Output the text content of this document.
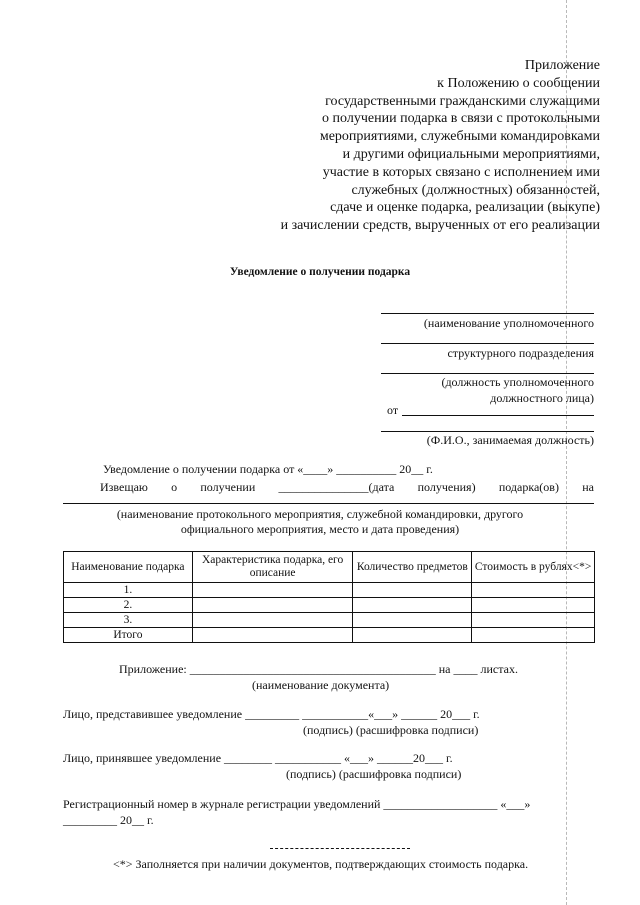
Приложение
к Положению о сообщении
государственными гражданскими служащими
о получении подарка в связи с протокольными
мероприятиями, служебными командировками
и другими официальными мероприятиями,
участие в которых связано с исполнением ими
служебных (должностных) обязанностей,
сдаче и оценке подарка, реализации (выкупе)
и зачислении средств, вырученных от его реализации
Уведомление о получении подарка
(наименование уполномоченного
структурного подразделения
(должность уполномоченного
должностного лица)
от
(Ф.И.О., занимаемая должность)
Уведомление о получении подарка от «____» __________ 20__ г.
Извещаю о получении _______________(дата получения) подарка(ов) на
(наименование протокольного мероприятия, служебной командировки, другого
официального мероприятия, место и дата проведения)
Наименование подарка	Характеристика подарка, его описание	Количество предметов	Стоимость в рублях<*>
1.			
2.			
3.			
Итого			
Приложение: _________________________________________ на ____ листах.
(наименование документа)
Лицо, представившее уведомление _________ ___________«___» ______ 20___ г.
(подпись) (расшифровка подписи)
Лицо, принявшее уведомление ________ ___________ «___» ______20___ г.
(подпись) (расшифровка подписи)
Регистрационный номер в журнале регистрации уведомлений ___________________ «___»
_________ 20__ г.
<*> Заполняется при наличии документов, подтверждающих стоимость подарка.
